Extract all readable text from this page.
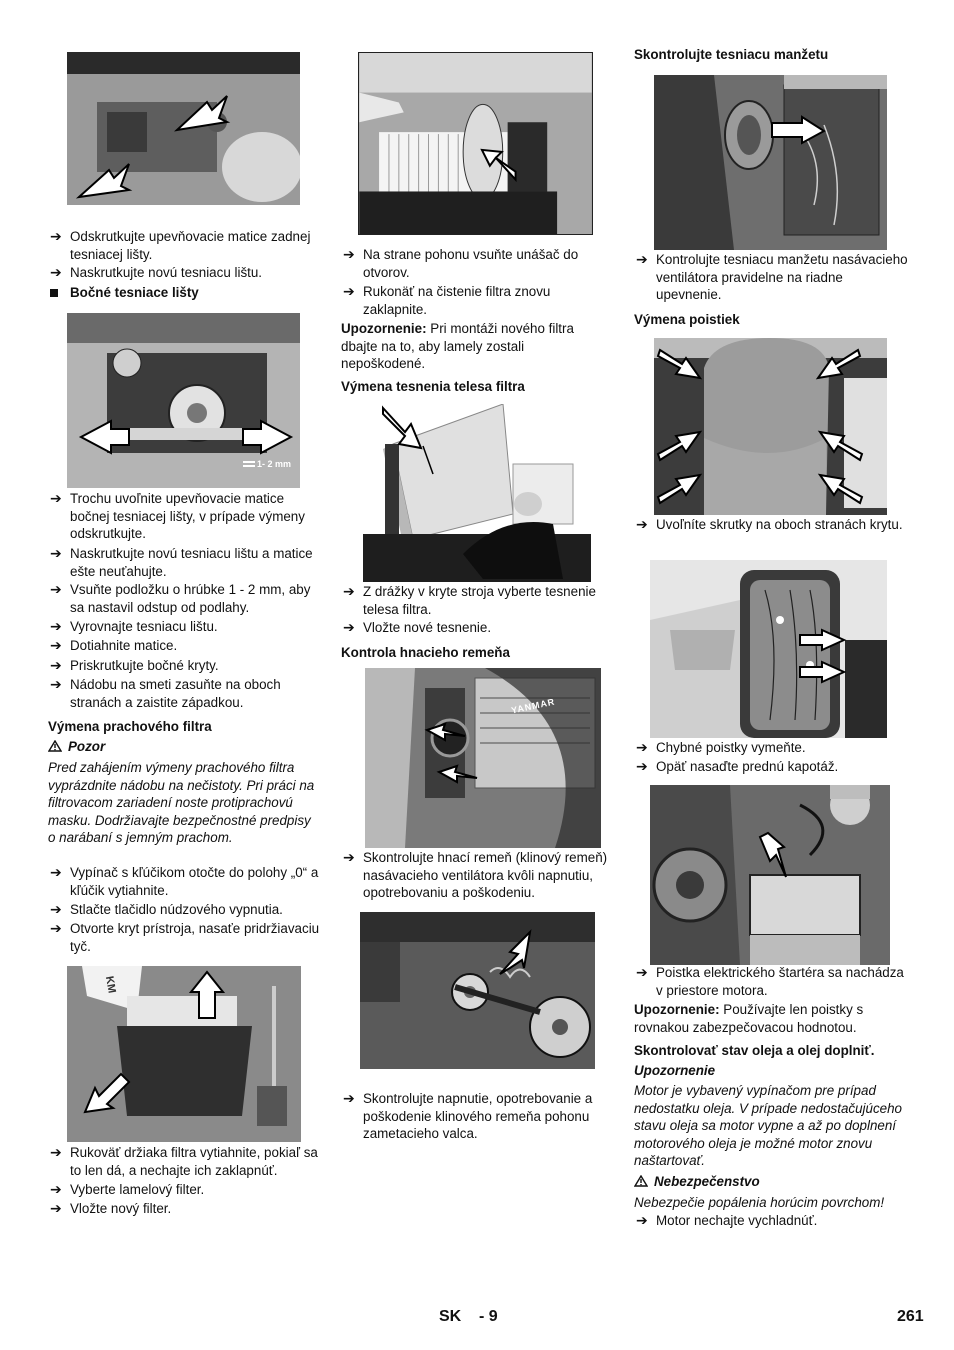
➔ Odskrutkujte upevňovacie matice zadnej tesniacej lišty.
➔ Naskrutkujte novú tesniacu lištu.
Bočné tesniace lišty
1- 2 mm
➔ Trochu uvoľnite upevňovacie matice bočnej tesniacej lišty, v prípade výmeny odskrutkujte.
➔ Naskrutkujte novú tesniacu lištu a matice ešte neuťahujte.
➔ Vsuňte podložku o hrúbke 1 - 2 mm, aby sa nastavil odstup od podlahy.
➔ Vyrovnajte tesniacu lištu.
➔ Dotiahnite matice.
➔ Priskrutkujte bočné kryty.
➔ Nádobu na smeti zasuňte na oboch stranách a zaistite západkou.
Výmena prachového filtra
Pozor
Pred zahájením výmeny prachového filtra vyprázdnite nádobu na nečistoty. Pri práci na filtrovacom zariadení noste protiprachovú masku. Dodržiavajte bezpečnostné predpisy o narábaní s jemným prachom.
➔ Vypínač s kľúčikom otočte do polohy „0“ a kľúčik vytiahnite.
➔ Stlačte tlačidlo núdzového vypnutia.
➔ Otvorte kryt prístroja, nasaťe pridržiavaciu tyč.
KM
➔ Rukoväť držiaka filtra vytiahnite, pokiaľ sa to len dá, a nechajte ich zaklapnúť.
➔ Vyberte lamelový filter.
➔ Vložte nový filter.
➔ Na strane pohonu vsuňte unášač do otvorov.
➔ Rukonäť na čistenie filtra znovu zaklapnite.
Upozornenie: Pri montáži nového filtra dbajte na to, aby lamely zostali nepoškodené.
Výmena tesnenia telesa filtra
➔ Z drážky v kryte stroja vyberte tesnenie telesa filtra.
➔ Vložte nové tesnenie.
Kontrola hnacieho remeňa
YANMAR
➔ Skontrolujte hnací remeň (klinový remeň) nasávacieho ventilátora kvôli napnutiu, opotrebovaniu a poškodeniu.
➔ Skontrolujte napnutie, opotrebovanie a poškodenie klinového remeňa pohonu zametacieho valca.
Skontrolujte tesniacu manžetu
➔ Kontrolujte tesniacu manžetu nasávacieho ventilátora pravidelne na riadne upevnenie.
Výmena poistiek
➔ Uvoľníte skrutky na oboch stranách krytu.
➔ Chybné poistky vymeňte.
➔ Opäť nasaďte prednú kapotáž.
➔ Poistka elektrického štartéra sa nachádza v priestore motora.
Upozornenie: Používajte len poistky s rovnakou zabezpečovacou hodnotou.
Skontrolovať stav oleja a olej doplniť.
Upozornenie
Motor je vybavený vypínačom pre prípad nedostatku oleja. V prípade nedostačujúceho stavu oleja sa motor vypne a až po doplnení motorového oleja je možné motor znovu naštartovať.
Nebezpečenstvo
Nebezpečie popálenia horúcim povrchom!
➔ Motor nechajte vychladnúť.
SK - 9	261
